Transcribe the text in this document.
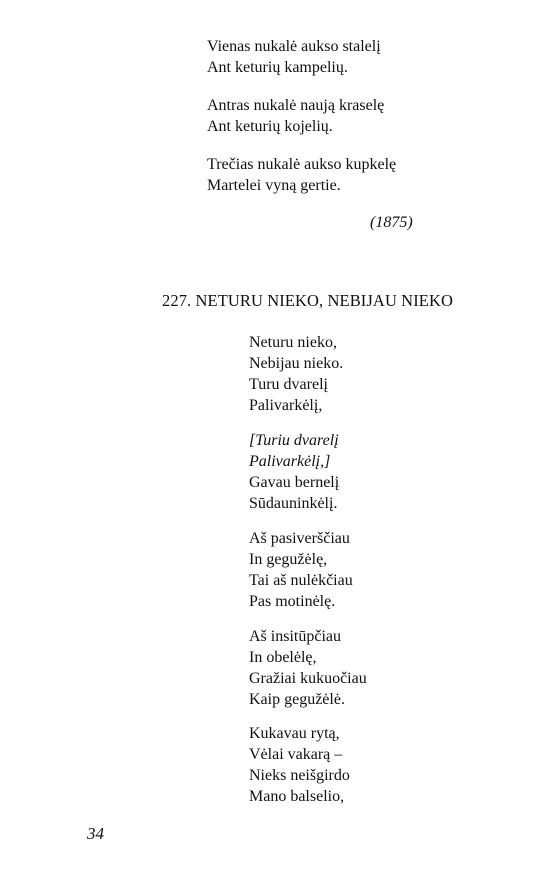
Vienas nukalė aukso stalelį
Ant keturių kampelių.
Antras nukalė naują kraselę
Ant keturių kojelių.
Trečias nukalė aukso kupkelę
Martelei vyną gertie.
(1875)
227. NETURU NIEKO, NEBIJAU NIEKO
Neturu nieko,
Nebijau nieko.
Turu dvarelį
Palivarkėlį,
[Turiu dvarelį
Palivarkėlį,]
Gavau bernelį
Sūdauninkėlį.
Aš pasiverščiau
In gegužėlę,
Tai aš nulėkčiau
Pas motinėlę.
Aš insitūpčiau
In obelėlę,
Gražiai kukuočiau
Kaip gegužėlė.
Kukavau rytą,
Vėlai vakarą –
Nieks neišgirdo
Mano balselio,
34
